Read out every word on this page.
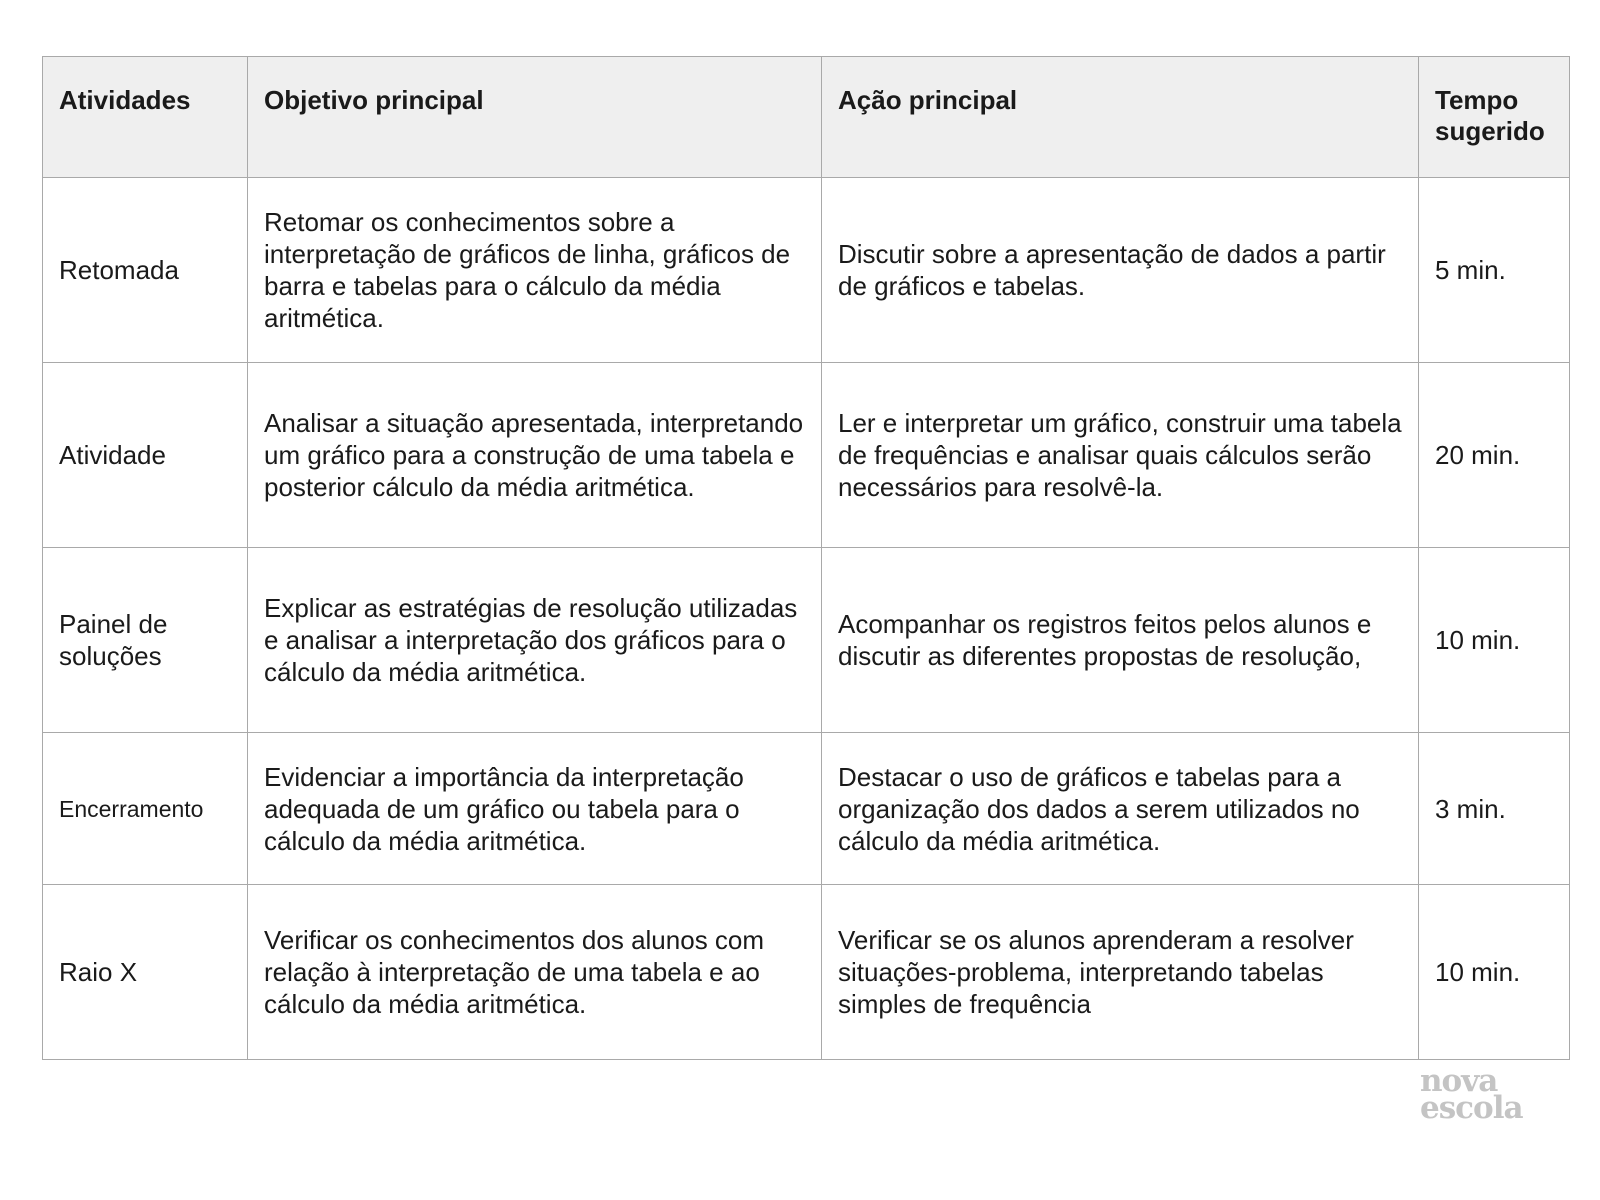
Atividades	Objetivo principal	Ação principal	Tempo sugerido
Retomada	Retomar os conhecimentos sobre a interpretação de gráficos de linha, gráficos de barra e tabelas para o cálculo da média aritmética.	Discutir sobre a apresentação de dados a partir de gráficos e tabelas.	5 min.
Atividade	Analisar a situação apresentada, interpretando um gráfico para a construção de uma tabela e posterior cálculo da média aritmética.	Ler e interpretar um gráfico, construir uma tabela de frequências e analisar quais cálculos serão necessários para resolvê-la.	20 min.
Painel de soluções	Explicar as estratégias de resolução utilizadas e analisar a interpretação dos gráficos para o cálculo da média aritmética.	Acompanhar os registros feitos pelos alunos e discutir as diferentes propostas de resolução,	10 min.
Encerramento	Evidenciar a importância da interpretação adequada de um gráfico ou tabela para o cálculo da média aritmética.	Destacar o uso de gráficos e tabelas para a organização dos dados a serem utilizados no cálculo da média aritmética.	3 min.
Raio X	Verificar os conhecimentos dos alunos com relação à interpretação de uma tabela e ao cálculo da média aritmética.	Verificar se os alunos aprenderam a resolver situações-problema, interpretando tabelas simples de frequência	10 min.
nova
escola
